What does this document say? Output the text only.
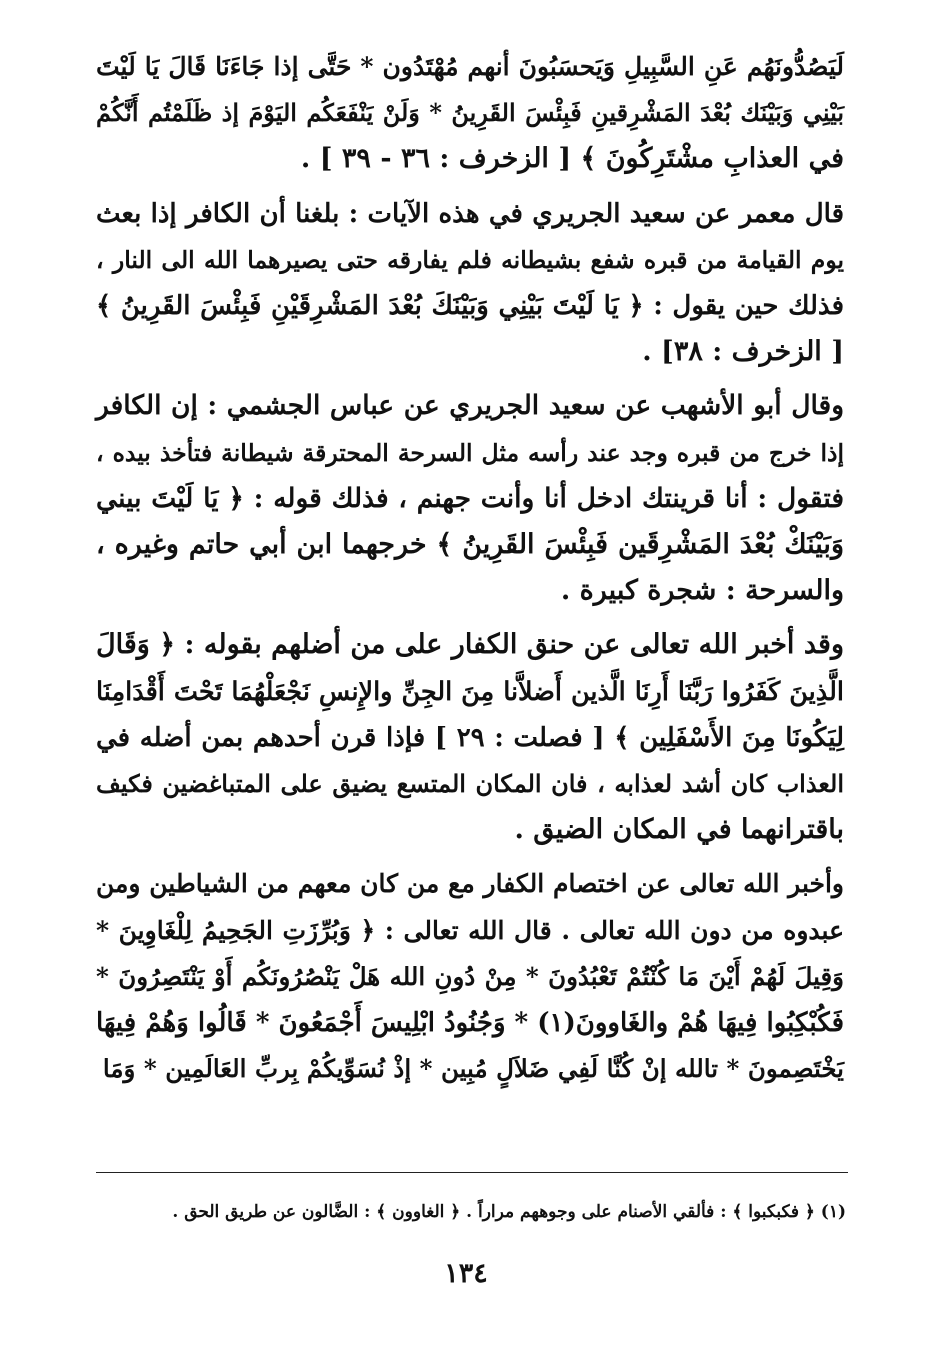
لَيَصُدُّونَهُم عَنِ السَّبِيلِ وَيَحسَبُونَ أنهم مُهْتَدُون * حَتَّى إذا جَاءَنَا قَالَ يَا لَيْتَ
بَيْنِي وَبَيْنَك بُعْدَ المَشْرِقينِ فَبِئْسَ القَرِينُ * وَلَنْ يَنْفَعَكُم اليَوْمَ إذ ظَلَمْتُم أَنَّكُمْ
في العذابِ مشْتَرِكُونَ ﴾ [ الزخرف : ٣٦ - ٣٩ ] .

قال معمر عن سعيد الجريري في هذه الآيات : بلغنا أن الكافر إذا بعث
يوم القيامة من قبره شفع بشيطانه فلم يفارقه حتى يصيرهما الله الى النار ،
فذلك حين يقول : ﴿ يَا لَيْتَ بَيْنِي وَبَيْنَكَ بُعْدَ المَشْرِقَيْنِ فَبِئْسَ القَرِينُ ﴾
[ الزخرف : ٣٨] .

وقال أبو الأشهب عن سعيد الجريري عن عباس الجشمي : إن الكافر
إذا خرج من قبره وجد عند رأسه مثل السرحة المحترقة شيطانة فتأخذ بيده ،
فتقول : أنا قرينتك ادخل أنا وأنت جهنم ، فذلك قوله : ﴿ يَا لَيْتَ بيني
وَبَيْنَكْ بُعْدَ المَشْرِقَين فَبِئْسَ القَرِينُ ﴾ خرجهما ابن أبي حاتم وغيره ،
والسرحة : شجرة كبيرة .

وقد أخبر الله تعالى عن حنق الكفار على من أضلهم بقوله : ﴿ وَقَالَ
الَّذِينَ كَفَرُوا رَبَّنَا أَرِنَا الَّذين أَضلاَّنا مِنَ الجِنِّ والإِنسِ نَجْعَلْهُمَا تَحْتَ أَقْدَامِنَا
لِيَكُونَا مِنَ الأَسْفَلِين ﴾ [ فصلت : ٢٩ ] فإذا قرن أحدهم بمن أضله في
العذاب كان أشد لعذابه ، فان المكان المتسع يضيق على المتباغضين فكيف
باقترانهما في المكان الضيق .

وأخبر الله تعالى عن اختصام الكفار مع من كان معهم من الشياطين ومن
عبدوه من دون الله تعالى . قال الله تعالى : ﴿ وَبُرِّزَتِ الجَحِيمُ لِلْغَاوِينَ *
وَقِيلَ لَهُمْ أَيْنَ مَا كُنْتُمْ تَعْبُدُونَ * مِنْ دُونِ الله هَلْ يَنْصُرُونَكُم أَوْ يَنْتَصِرُونَ *
فَكُبْكِبُوا فِيهَا هُمْ والغَاوونَ(١) * وَجُنُودُ ابْلِيسَ أَجْمَعُونَ * قَالُوا وَهُمْ فِيهَا
يَخْتَصِمونَ * تالله إنْ كُنَّا لَفِي ضَلاَلٍ مُبِين * إذْ نُسَوِّيكُمْ بِربِّ العَالَمِين * وَمَا

(١) ﴿ فكبكبوا ﴾ : فألقي الأصنام على وجوههم مراراً . ﴿ الغاوون ﴾ : الضَّالون عن طريق الحق .
١٣٤
